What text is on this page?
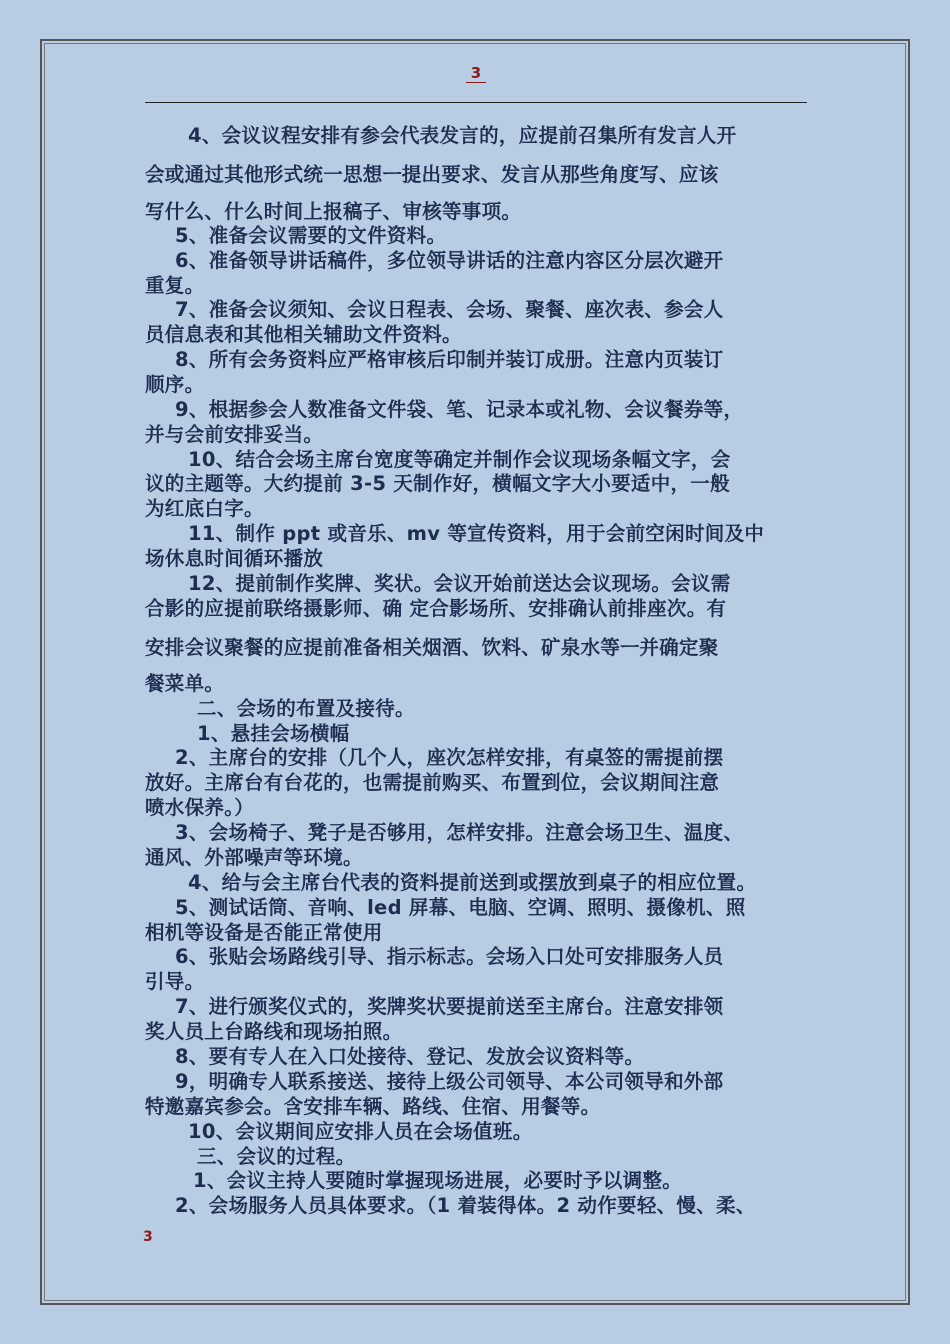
3
4、会议议程安排有参会代表发言的，应提前召集所有发言人开
会或通过其他形式统一思想ㅡ提出要求、发言从那些角度写、应该
写什么、什么时间上报稿子、审核等事项。
5、准备会议需要的文件资料。
6、准备领导讲话稿件，多位领导讲话的注意内容区分层次避开
重复。
7、准备会议须知、会议日程表、会场、聚餐、座次表、参会人
员信息表和其他相关辅助文件资料。
8、所有会务资料应严格审核后印制并装订成册。注意内页装订
顺序。
9、根据参会人数准备文件袋、笔、记录本或礼物、会议餐券等，
并与会前安排妥当。
10、结合会场主席台宽度等确定并制作会议现场条幅文字，会
议的主题等。大约提前 3-5 天制作好，横幅文字大小要适中，一般
为红底白字。
11、制作 ppt 或音乐、mv 等宣传资料，用于会前空闲时间及中
场休息时间循环播放
12、提前制作奖牌、奖状。会议开始前送达会议现场。会议需
合影的应提前联络摄影师、确 定合影场所、安排确认前排座次。有
安排会议聚餐的应提前准备相关烟酒、饮料、矿泉水等ㅡ并确定聚
餐菜单。
二、会场的布置及接待。
1、悬挂会场横幅
2、主席台的安排（几个人，座次怎样安排，有桌签的需提前摆
放好。主席台有台花的，也需提前购买、布置到位，会议期间注意
喷水保养。）
3、会场椅子、凳子是否够用，怎样安排。注意会场卫生、温度、
通风、外部噪声等环境。
4、给与会主席台代表的资料提前送到或摆放到桌子的相应位置。
5、测试话筒、音响、led 屏幕、电脑、空调、照明、摄像机、照
相机等设备是否能正常使用
6、张贴会场路线引导、指示标志。会场入口处可安排服务人员
引导。
7、进行颁奖仪式的，奖牌奖状要提前送至主席台。注意安排领
奖人员上台路线和现场拍照。
8、要有专人在入口处接待、登记、发放会议资料等。
9，明确专人联系接送、接待上级公司领导、本公司领导和外部
特邀嘉宾参会。含安排车辆、路线、住宿、用餐等。
10、会议期间应安排人员在会场值班。
三、会议的过程。
1、会议主持人要随时掌握现场进展，必要时予以调整。
2、会场服务人员具体要求。（1 着装得体。2 动作要轻、慢、柔、
3
